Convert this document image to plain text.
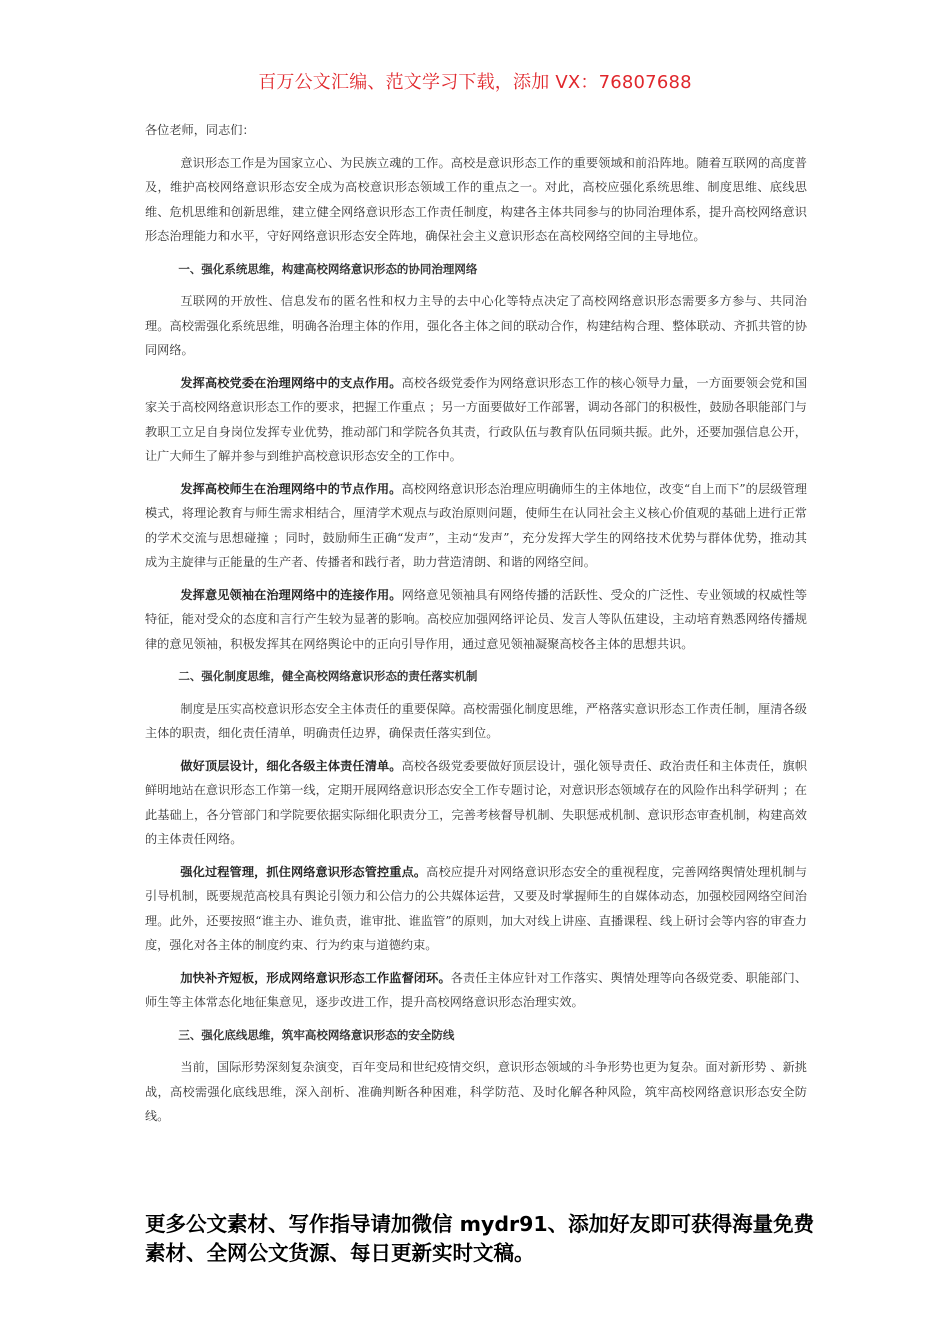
百万公文汇编、范文学习下载，添加 VX：76807688

各位老师，同志们：

意识形态工作是为国家立心、为民族立魂的工作。高校是意识形态工作的重要领域和前沿阵地。随着互联网的高度普及，维护高校网络意识形态安全成为高校意识形态领域工作的重点之一。对此，高校应强化系统思维、制度思维、底线思维、危机思维和创新思维，建立健全网络意识形态工作责任制度，构建各主体共同参与的协同治理体系，提升高校网络意识形态治理能力和水平，守好网络意识形态安全阵地，确保社会主义意识形态在高校网络空间的主导地位。

一、强化系统思维，构建高校网络意识形态的协同治理网络

互联网的开放性、信息发布的匿名性和权力主导的去中心化等特点决定了高校网络意识形态需要多方参与、共同治理。高校需强化系统思维，明确各治理主体的作用，强化各主体之间的联动合作，构建结构合理、整体联动、齐抓共管的协同网络。

发挥高校党委在治理网络中的支点作用。高校各级党委作为网络意识形态工作的核心领导力量，一方面要领会党和国家关于高校网络意识形态工作的要求，把握工作重点 ；另一方面要做好工作部署，调动各部门的积极性，鼓励各职能部门与教职工立足自身岗位发挥专业优势，推动部门和学院各负其责，行政队伍与教育队伍同频共振。此外，还要加强信息公开，让广大师生了解并参与到维护高校意识形态安全的工作中。

发挥高校师生在治理网络中的节点作用。高校网络意识形态治理应明确师生的主体地位，改变“自上而下”的层级管理模式，将理论教育与师生需求相结合，厘清学术观点与政治原则问题，使师生在认同社会主义核心价值观的基础上进行正常的学术交流与思想碰撞 ；同时，鼓励师生正确“发声”，主动“发声”，充分发挥大学生的网络技术优势与群体优势，推动其成为主旋律与正能量的生产者、传播者和践行者，助力营造清朗、和谐的网络空间。

发挥意见领袖在治理网络中的连接作用。网络意见领袖具有网络传播的活跃性、受众的广泛性、专业领域的权威性等特征，能对受众的态度和言行产生较为显著的影响。高校应加强网络评论员、发言人等队伍建设，主动培育熟悉网络传播规律的意见领袖，积极发挥其在网络舆论中的正向引导作用，通过意见领袖凝聚高校各主体的思想共识。

二、强化制度思维，健全高校网络意识形态的责任落实机制

制度是压实高校意识形态安全主体责任的重要保障。高校需强化制度思维，严格落实意识形态工作责任制，厘清各级主体的职责，细化责任清单，明确责任边界，确保责任落实到位。

做好顶层设计，细化各级主体责任清单。高校各级党委要做好顶层设计，强化领导责任、政治责任和主体责任，旗帜鲜明地站在意识形态工作第一线，定期开展网络意识形态安全工作专题讨论，对意识形态领域存在的风险作出科学研判 ；在此基础上，各分管部门和学院要依据实际细化职责分工，完善考核督导机制、失职惩戒机制、意识形态审查机制，构建高效的主体责任网络。

强化过程管理，抓住网络意识形态管控重点。高校应提升对网络意识形态安全的重视程度，完善网络舆情处理机制与引导机制，既要规范高校具有舆论引领力和公信力的公共媒体运营，又要及时掌握师生的自媒体动态，加强校园网络空间治理。此外，还要按照“谁主办、谁负责，谁审批、谁监管”的原则，加大对线上讲座、直播课程、线上研讨会等内容的审查力度，强化对各主体的制度约束、行为约束与道德约束。

加快补齐短板，形成网络意识形态工作监督闭环。各责任主体应针对工作落实、舆情处理等向各级党委、职能部门、师生等主体常态化地征集意见，逐步改进工作，提升高校网络意识形态治理实效。

三、强化底线思维，筑牢高校网络意识形态的安全防线

当前，国际形势深刻复杂演变，百年变局和世纪疫情交织，意识形态领域的斗争形势也更为复杂。面对新形势 、新挑战，高校需强化底线思维，深入剖析、准确判断各种困难，科学防范、及时化解各种风险，筑牢高校网络意识形态安全防线。

更多公文素材、写作指导请加微信 mydr91、添加好友即可获得海量免费素材、全网公文货源、每日更新实时文稿。
